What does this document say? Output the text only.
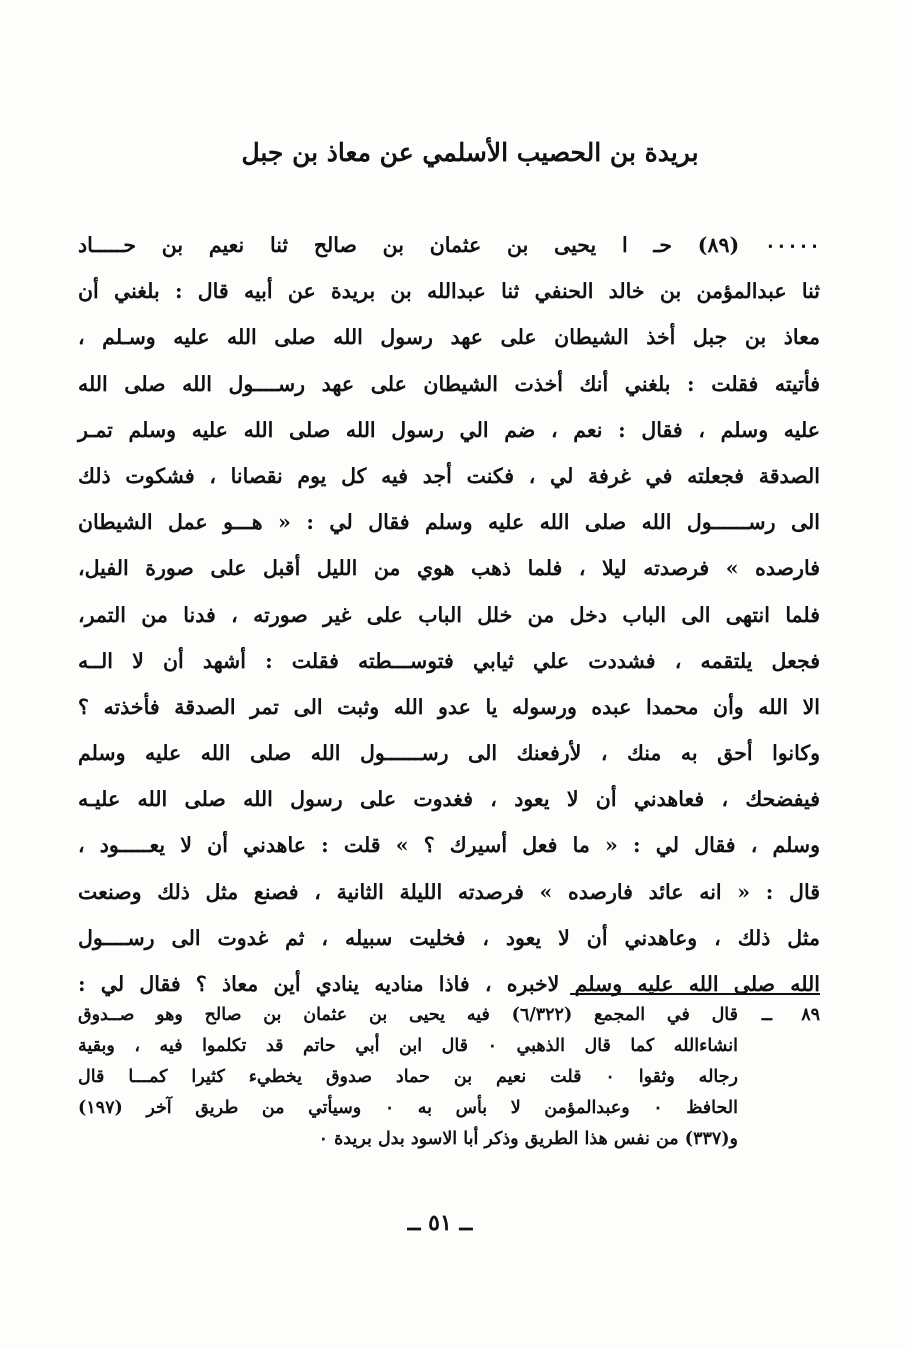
بريدة بن الحصيب الأسلمي عن معاذ بن جبل
٠٠٠٠٠ (٨٩) حـ ا يحيى بن عثمان بن صالح ثنا نعيم بن حـــــاد
ثنا عبدالمؤمن بن خالد الحنفي ثنا عبدالله بن بريدة عن أبيه قال : بلغني أن
معاذ بن جبل أخذ الشيطان على عهد رسول الله صلى الله عليه وسـلم ،
فأتيته فقلت : بلغني أنك أخذت الشيطان على عهد رســــول الله صلى الله
عليه وسلم ، فقال : نعم ، ضم الي رسول الله صلى الله عليه وسلم تمـر
الصدقة فجعلته في غرفة لي ، فكنت أجد فيه كل يوم نقصانا ، فشكوت ذلك
الى رســــــول الله صلى الله عليه وسلم فقال لي : « هـــو عمل الشيطان
فارصده » فرصدته ليلا ، فلما ذهب هوي من الليل أقبل على صورة الفيل،
فلما انتهى الى الباب دخل من خلل الباب على غير صورته ، فدنا من التمر،
فجعل يلتقمه ، فشددت علي ثيابي فتوســـطته فقلت : أشهد أن لا الــه
الا الله وأن محمدا عبده ورسوله يا عدو الله وثبت الى تمر الصدقة فأخذته ؟
وكانوا أحق به منك ، لأرفعنك الى رســــــول الله صلى الله عليه وسلم
فيفضحك ، فعاهدني أن لا يعود ، فغدوت على رسول الله صلى الله عليـه
وسلم ، فقال لي : « ما فعل أسيرك ؟ » قلت : عاهدني أن لا يعـــــود ،
قال : « انه عائد فارصده » فرصدته الليلة الثانية ، فصنع مثل ذلك وصنعت
مثل ذلك ، وعاهدني أن لا يعود ، فخليت سبيله ، ثم غدوت الى رســــول
الله صلى الله عليه وسلم لاخبره ، فاذا مناديه ينادي أين معاذ ؟ فقال لي :
٨٩
ــ
قال في المجمع (٦/٣٢٢) فيه يحيى بن عثمان بن صالح وهو صــدوق
انشاءالله كما قال الذهبي ٠ قال ابن أبي حاتم قد تكلموا فيه ، وبقية
رجاله وثقوا ٠ قلت نعيم بن حماد صدوق يخطيء كثيرا كمـــا قال
الحافظ ٠ وعبدالمؤمن لا بأس به ٠ وسيأتي من طريق آخر (١٩٧)
و(٣٣٧) من نفس هذا الطريق وذكر أبا الاسود بدل بريدة ٠
ــ ٥١ ــ
